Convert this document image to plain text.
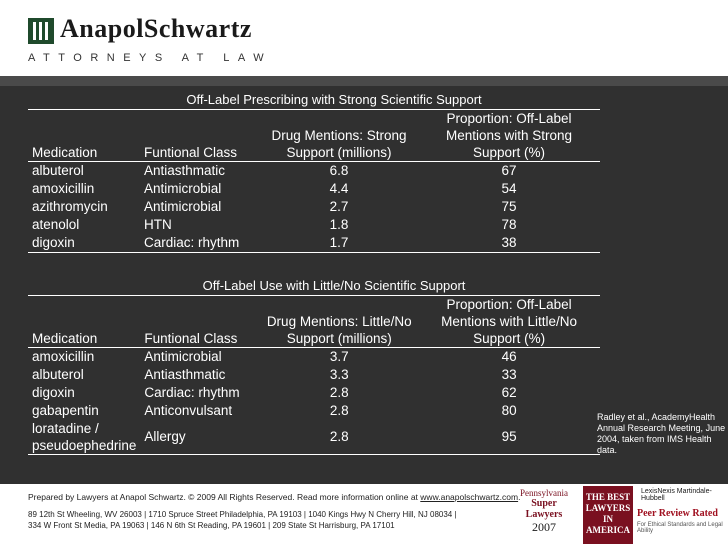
AnapolSchwartz
ATTORNEYS AT LAW
Off-Label Prescribing with Strong Scientific Support
Medication	Funtional Class	Drug Mentions: Strong Support (millions)	Proportion: Off-Label Mentions with Strong Support (%)
albuterol	Antiasthmatic	6.8	67
amoxicillin	Antimicrobial	4.4	54
azithromycin	Antimicrobial	2.7	75
atenolol	HTN	1.8	78
digoxin	Cardiac: rhythm	1.7	38
Off-Label Use with Little/No Scientific Support
Medication	Funtional Class	Drug Mentions: Little/No Support (millions)	Proportion: Off-Label Mentions with Little/No Support (%)
amoxicillin	Antimicrobial	3.7	46
albuterol	Antiasthmatic	3.3	33
digoxin	Cardiac: rhythm	2.8	62
gabapentin	Anticonvulsant	2.8	80
loratadine / pseudoephedrine	Allergy	2.8	95
Radley et al., AcademyHealth Annual Research Meeting, June 2004, taken from IMS Health data.
Prepared by Lawyers at Anapol Schwartz. © 2009 All Rights Reserved. Read more information online at www.anapolschwartz.com.
89 12th St Wheeling, WV 26003 | 1710 Spruce Street Philadelphia, PA 19103 | 1040 Kings Hwy N Cherry Hill, NJ 08034 |
334 W Front St Media, PA 19063 | 146 N 6th St Reading, PA 19601 | 209 State St Harrisburg, PA 17101
Pennsylvania
Super Lawyers
2007
THE BEST LAWYERS IN AMERICA
LexisNexis Martindale-Hubbell
Peer Review Rated
For Ethical Standards and Legal Ability
